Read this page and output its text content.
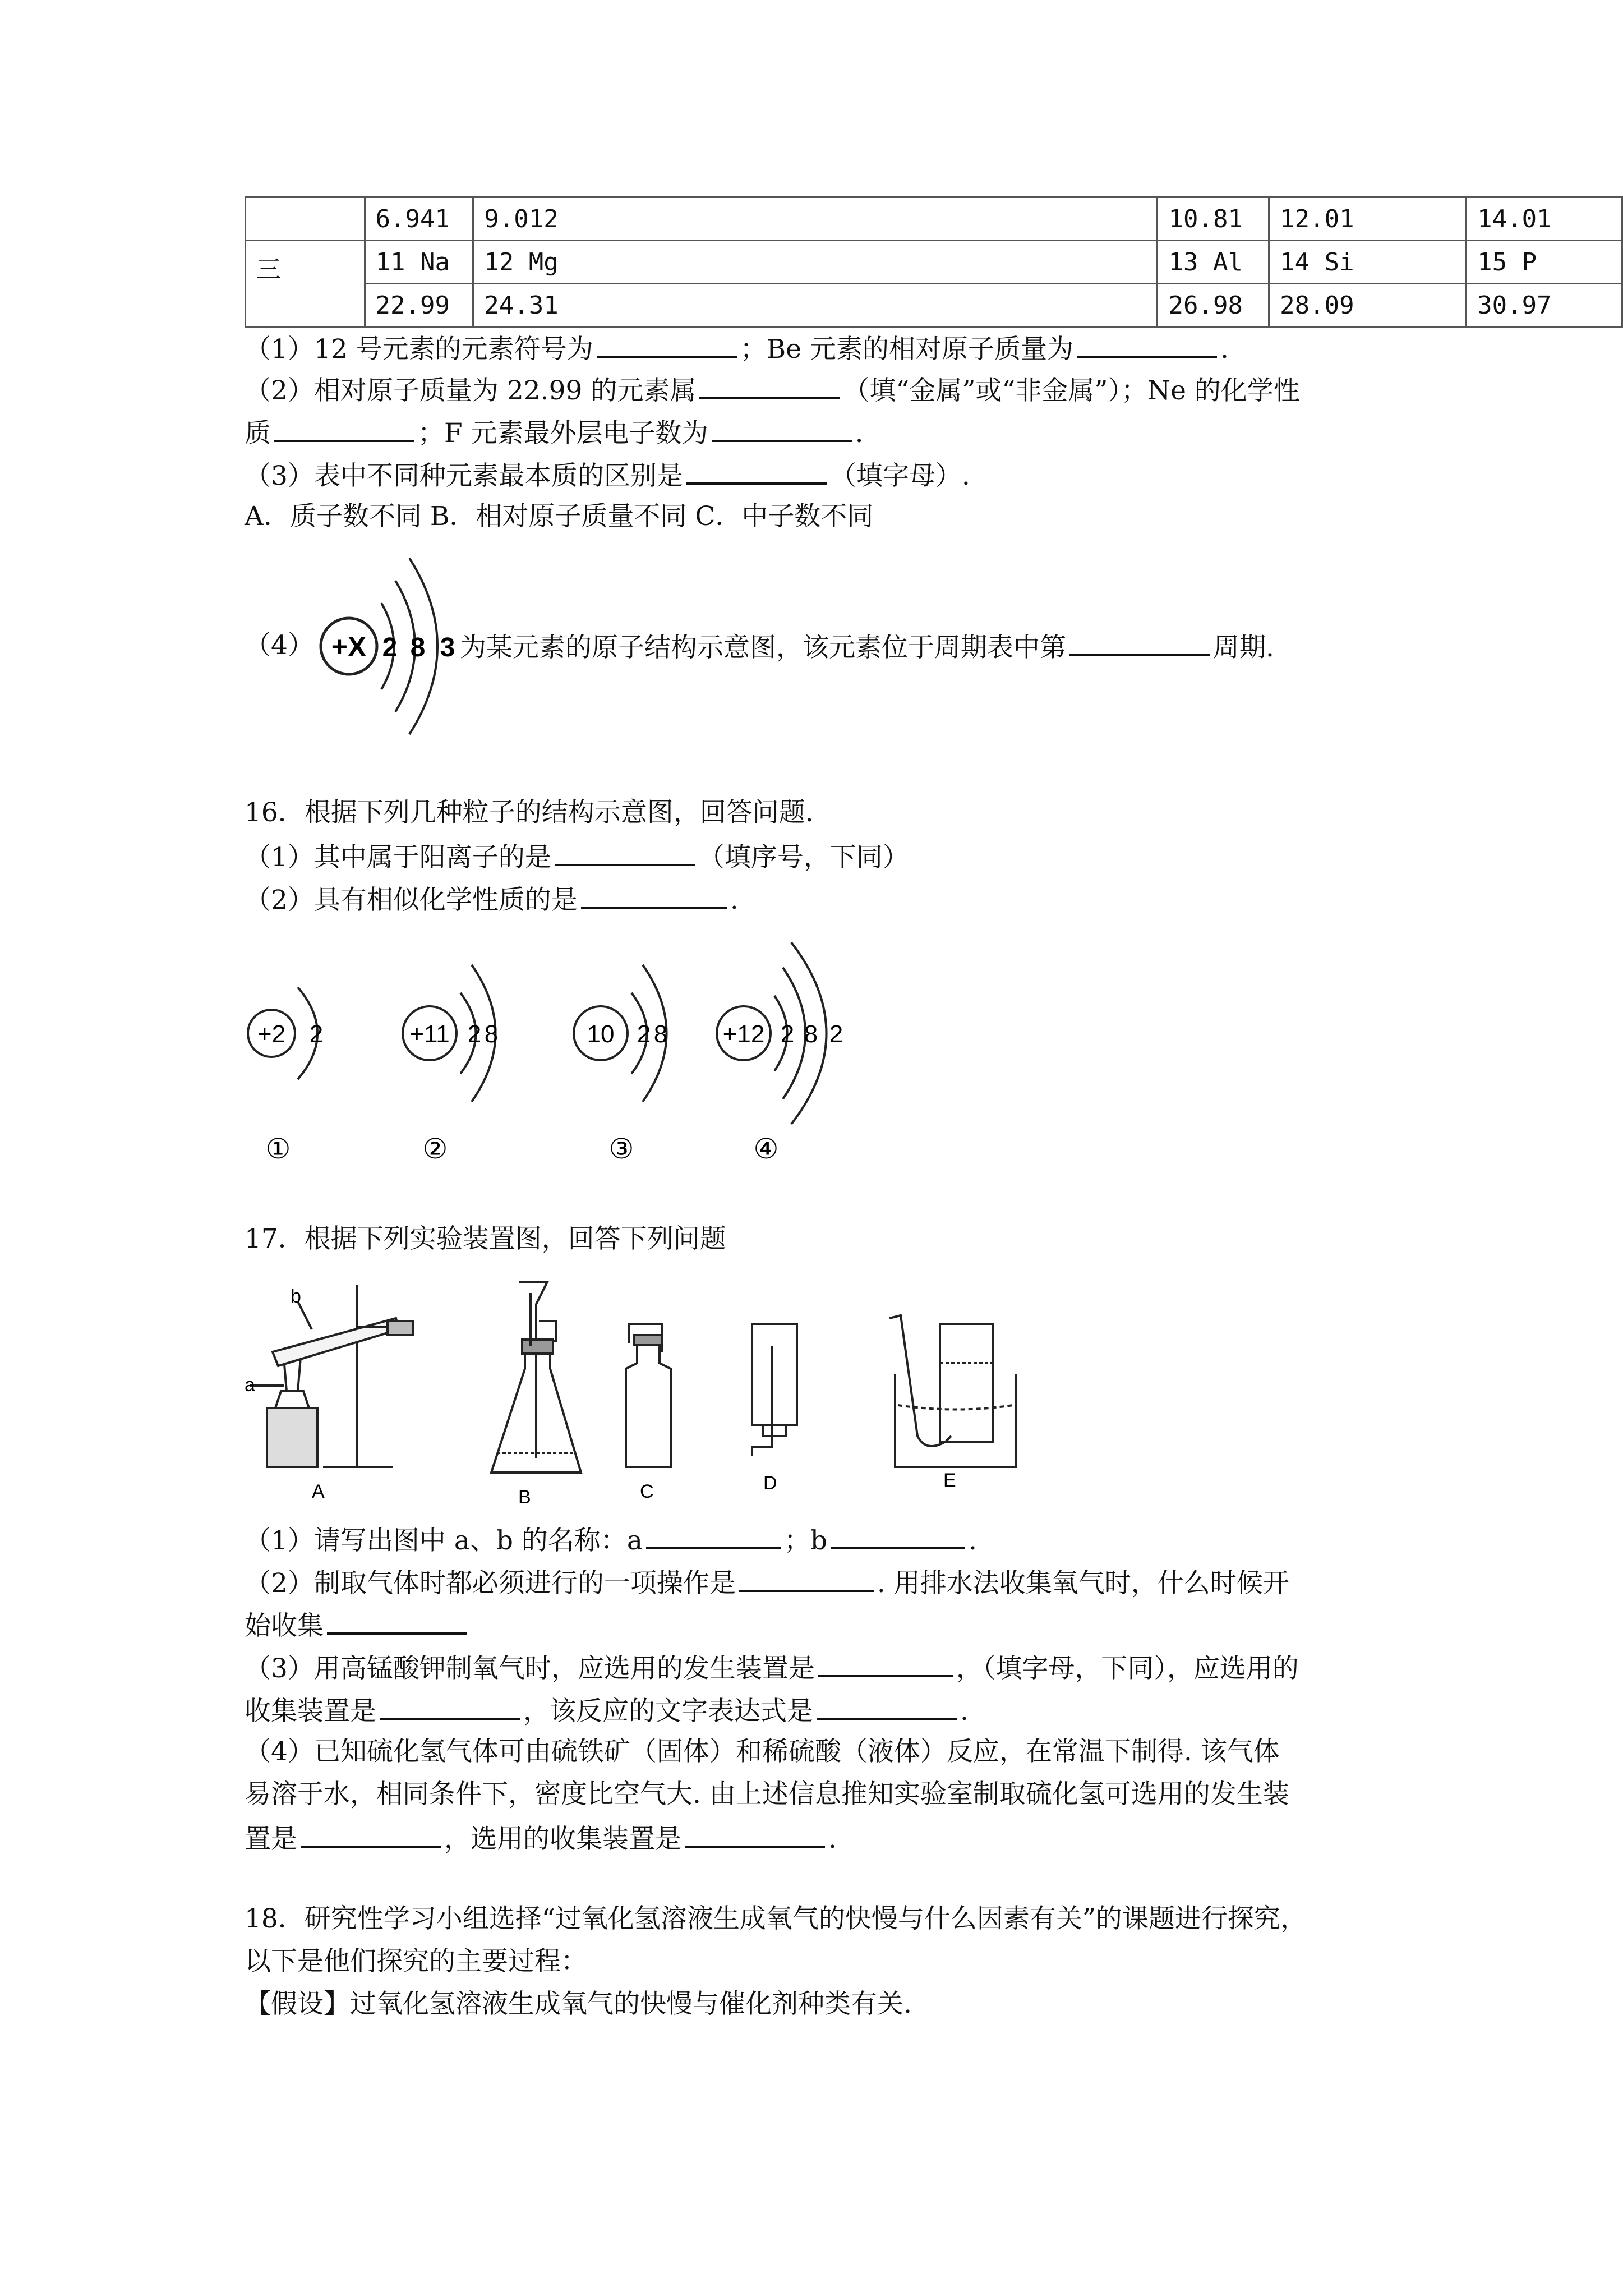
	6.941	9.012	10.81	12.01	14.01
三	11 Na	12 Mg	13 Al	14 Si	15 P
	22.99	24.31	26.98	28.09	30.97
（1）12 号元素的元素符号为	；Be 元素的相对原子质量为	.
（2）相对原子质量为 22.99 的元素属	（填“金属”或“非金属”）；Ne 的化学性
质	；F 元素最外层电子数为	.
（3）表中不同种元素最本质的区别是	（填字母）.
A．质子数不同 B．相对原子质量不同 C．中子数不同
（4） +X 2 8 3 为某元素的原子结构示意图，该元素位于周期表中第	周期.
16．根据下列几种粒子的结构示意图，回答问题.
（1）其中属于阳离子的是	（填序号，下同）
（2）具有相似化学性质的是	.
+2 2
①
+11 2 8
②
10 2 8
③
+12 2 8 2
④
17．根据下列实验装置图，回答下列问题
a
b
A	B	C	D	E
（1）请写出图中 a、b 的名称：a	；b	.
（2）制取气体时都必须进行的一项操作是	. 用排水法收集氧气时，什么时候开
始收集
（3）用高锰酸钾制氧气时，应选用的发生装置是	，（填字母，下同），应选用的
收集装置是	，该反应的文字表达式是	.
（4）已知硫化氢气体可由硫铁矿（固体）和稀硫酸（液体）反应，在常温下制得. 该气体
易溶于水，相同条件下，密度比空气大. 由上述信息推知实验室制取硫化氢可选用的发生装
置是	，选用的收集装置是	.
18．研究性学习小组选择“过氧化氢溶液生成氧气的快慢与什么因素有关”的课题进行探究，
以下是他们探究的主要过程：
【假设】过氧化氢溶液生成氧气的快慢与催化剂种类有关.
